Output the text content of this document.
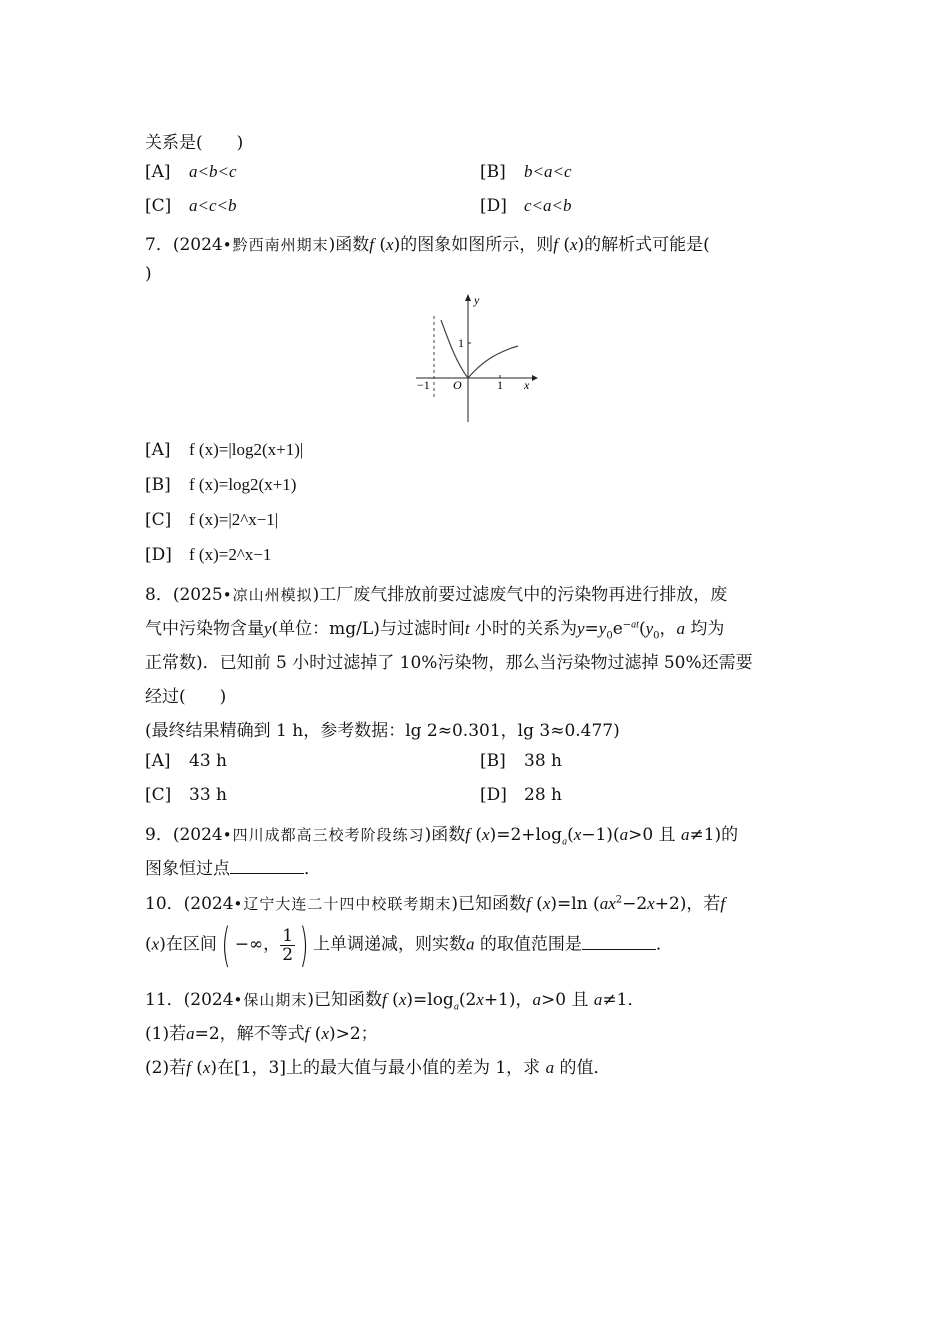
关系是(　　)
[A] a<b<c	[B] b<a<c
[C] a<c<b	[D] c<a<b
7．(2024•黔西南州期末)函数f (x)的图象如图所示，则f (x)的解析式可能是(
)
y
x
O
−1	1
1
[A] f (x)=|log2(x+1)|
[B] f (x)=log2(x+1)
[C] f (x)=|2^x−1|
[D] f (x)=2^x−1
8．(2025•凉山州模拟)工厂废气排放前要过滤废气中的污染物再进行排放，废
气中污染物含量y(单位：mg/L)与过滤时间t 小时的关系为$y=y_0e^{-at}(y_0$，a 均为
正常数)．已知前 5 小时过滤掉了 10%污染物，那么当污染物过滤掉 50%还需要
经过(　　)
(最终结果精确到 1 h，参考数据：lg 2≈0.301，lg 3≈0.477)
[A] 43 h	[B] 38 h
[C] 33 h	[D] 28 h
9．(2024•四川成都高三校考阶段练习)函数f $(x)=2+\log_a(x-1)(a>0$ 且 a≠1)的
图象恒过点	．
10．(2024•辽宁大连二十四中校联考期末)已知函数f (x)=ln $(ax^2-2x+2)$，若f
(x)在区间( −∞， $\frac{1}{2}$ ) 上单调递减，则实数a 的取值范围是	．
11．(2024•保山期末)已知函数f $(x)=\log_a(2x+1)$，a>0 且 a≠1．
(1)若a=2，解不等式f (x)>2；
(2)若f (x)在[1，3]上的最大值与最小值的差为 1，求 a 的值．
